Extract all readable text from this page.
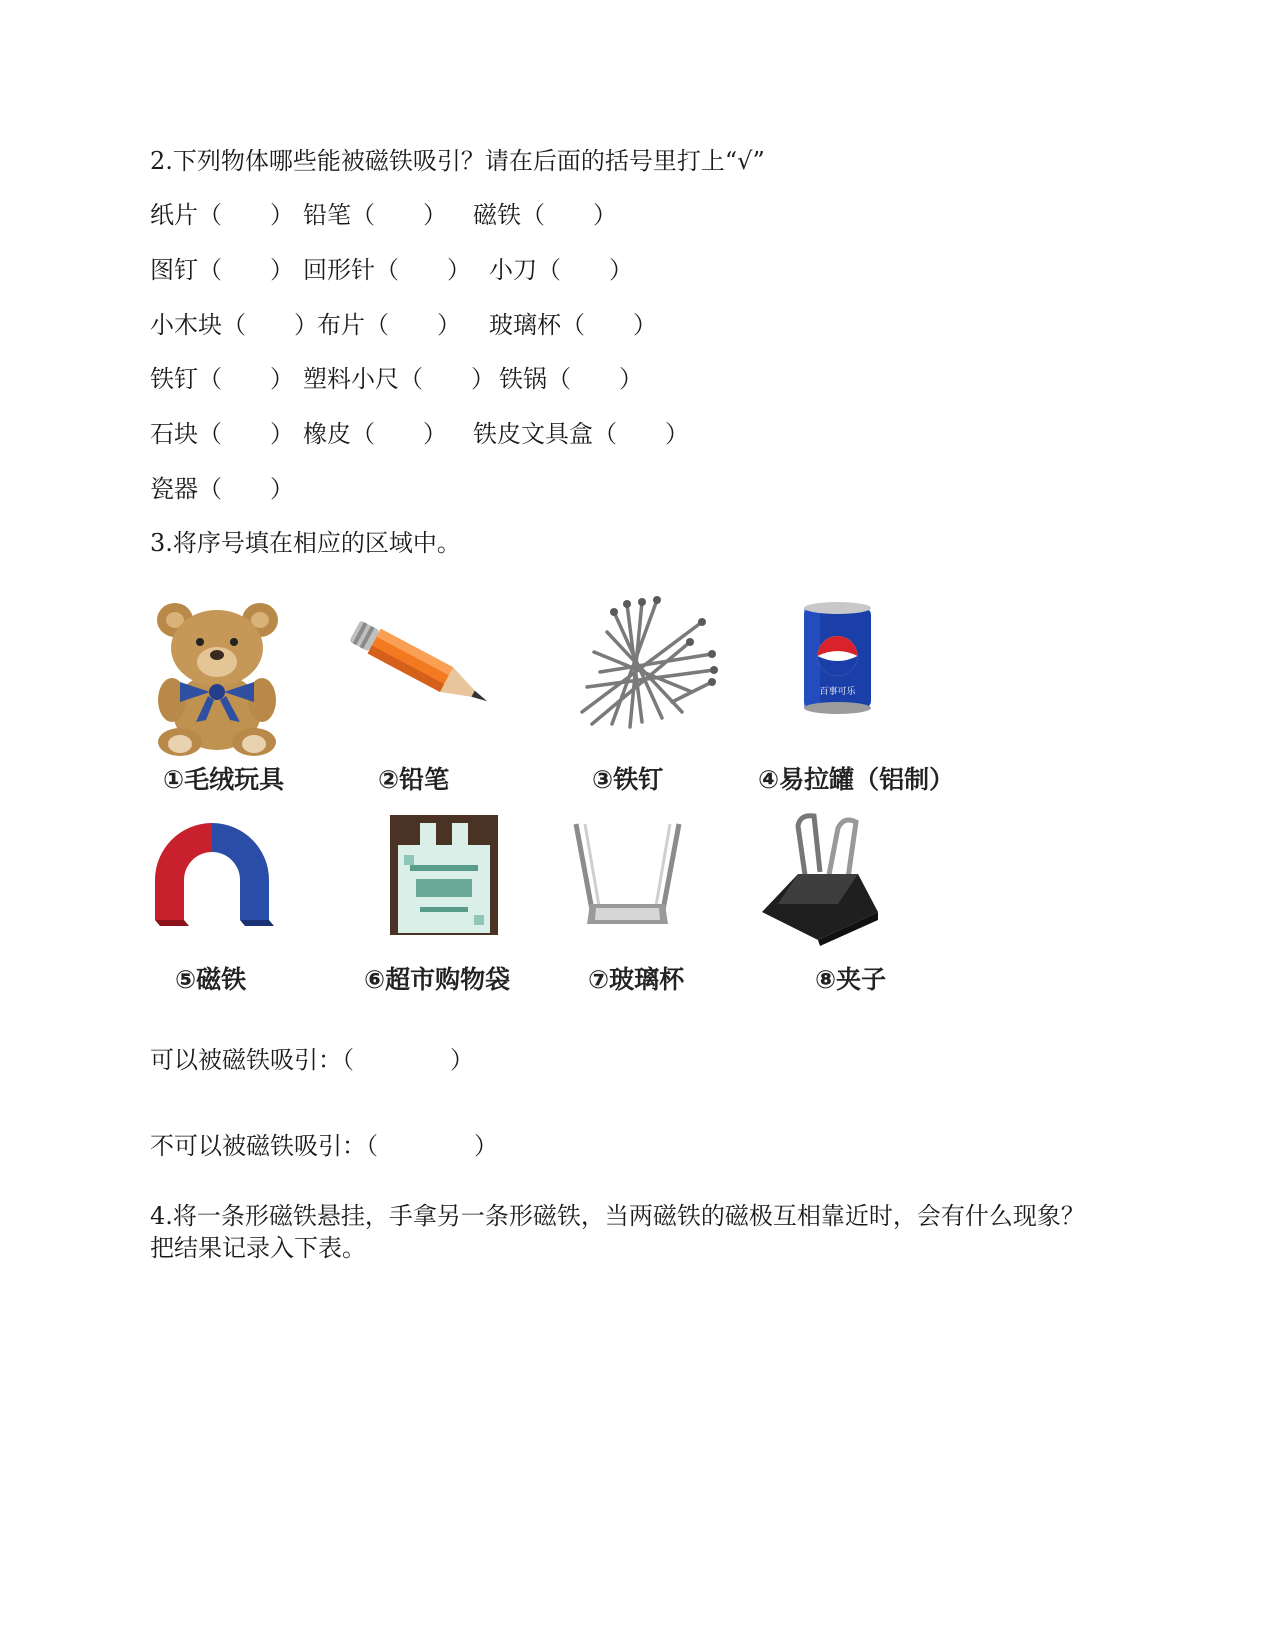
2.下列物体哪些能被磁铁吸引？请在后面的括号里打上“√”
纸片（　　） 铅笔（　　） 磁铁（　　）
图钉（　　） 回形针（　　） 小刀（　　）
小木块（　　） 布片（　　） 玻璃杯（　　）
铁钉（　　） 塑料小尺（　　） 铁锅（　　）
石块（　　） 橡皮（　　） 铁皮文具盒（　　）
瓷器（　　）
3.将序号填在相应的区域中。
①毛绒玩具	②铅笔	③铁钉
百事可乐
④易拉罐（铝制）
⑤磁铁	⑥超市购物袋	⑦玻璃杯	⑧夹子
可以被磁铁吸引：（　　　　）
不可以被磁铁吸引：（　　　　）
4.将一条形磁铁悬挂，手拿另一条形磁铁，当两磁铁的磁极互相靠近时，会有什么现象？
把结果记录入下表。
